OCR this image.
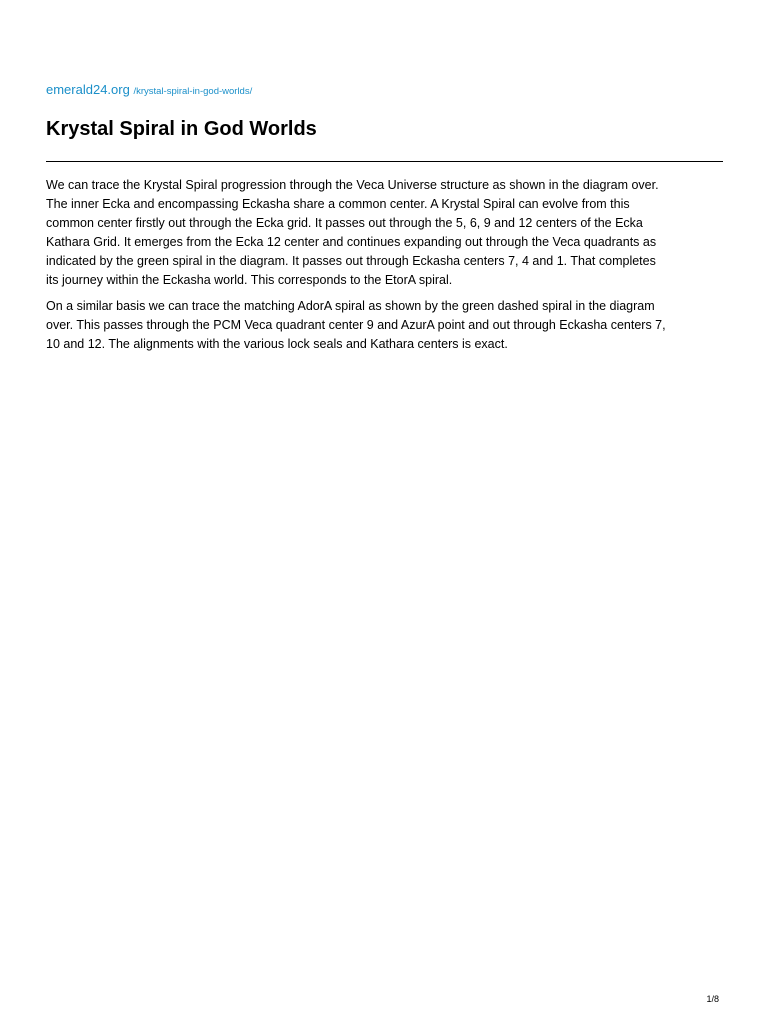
emerald24.org /krystal-spiral-in-god-worlds/
Krystal Spiral in God Worlds

We can trace the Krystal Spiral progression through the Veca Universe structure as shown in the diagram over.
The inner Ecka and encompassing Eckasha share a common center. A Krystal Spiral can evolve from this
common center firstly out through the Ecka grid. It passes out through the 5, 6, 9 and 12 centers of the Ecka
Kathara Grid. It emerges from the Ecka 12 center and continues expanding out through the Veca quadrants as
indicated by the green spiral in the diagram. It passes out through Eckasha centers 7, 4 and 1. That completes
its journey within the Eckasha world. This corresponds to the EtorA spiral.

On a similar basis we can trace the matching AdorA spiral as shown by the green dashed spiral in the diagram
over. This passes through the PCM Veca quadrant center 9 and AzurA point and out through Eckasha centers 7,
10 and 12. The alignments with the various lock seals and Kathara centers is exact.

1/8
